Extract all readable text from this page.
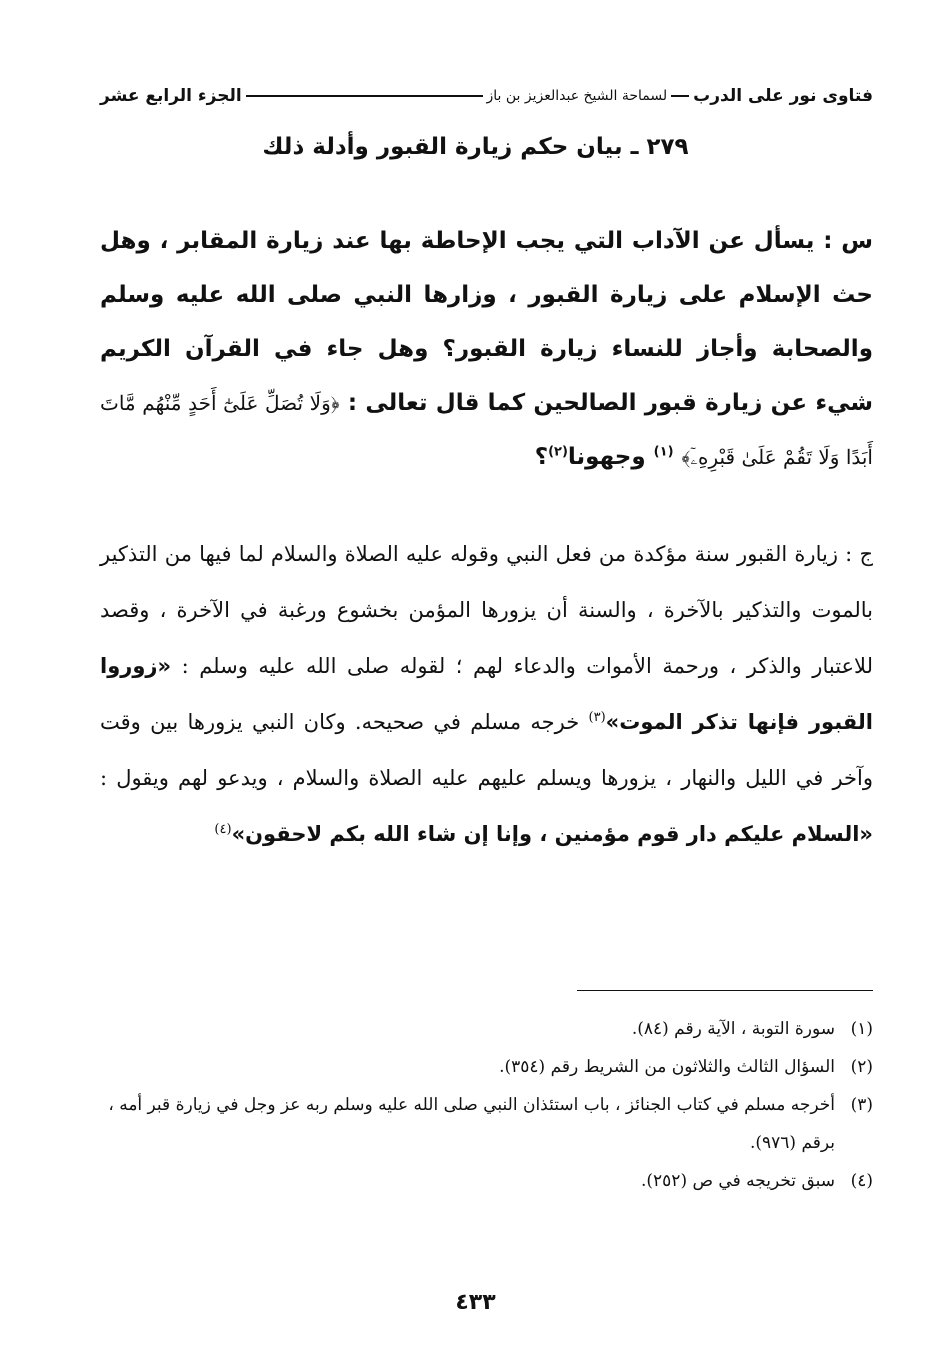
فتاوى نور على الدرب
لسماحة الشيخ عبدالعزيز بن باز
الجزء الرابع عشر
٢٧٩ ـ بيان حكم زيارة القبور وأدلة ذلك
س : يسأل عن الآداب التي يجب الإحاطة بها عند زيارة المقابر ، وهل حث الإسلام على زيارة القبور ، وزارها النبي صلى الله عليه وسلم والصحابة وأجاز للنساء زيارة القبور؟ وهل جاء في القرآن الكريم شيء عن زيارة قبور الصالحين كما قال تعالى : ﴿وَلَا تُصَلِّ عَلَىٰٓ أَحَدٍ مِّنْهُم مَّاتَ أَبَدًا وَلَا تَقُمْ عَلَىٰ قَبْرِهِۦٓ﴾ $^{(١)}$ وجهونا$^{(٢)}$؟
ج : زيارة القبور سنة مؤكدة من فعل النبي وقوله عليه الصلاة والسلام لما فيها من التذكير بالموت والتذكير بالآخرة ، والسنة أن يزورها المؤمن بخشوع ورغبة في الآخرة ، وقصد للاعتبار والذكر ، ورحمة الأموات والدعاء لهم ؛ لقوله صلى الله عليه وسلم : «زوروا القبور فإنها تذكر الموت»$^{(٣)}$ خرجه مسلم في صحيحه. وكان النبي يزورها بين وقت وآخر في الليل والنهار ، يزورها ويسلم عليهم عليه الصلاة والسلام ، ويدعو لهم ويقول : «السلام عليكم دار قوم مؤمنين ، وإنا إن شاء الله بكم لاحقون»$^{(٤)}$
(١)سورة التوبة ، الآية رقم (٨٤).
(٢)السؤال الثالث والثلاثون من الشريط رقم (٣٥٤).
(٣)أخرجه مسلم في كتاب الجنائز ، باب استئذان النبي صلى الله عليه وسلم ربه عز وجل في زيارة قبر أمه ، برقم (٩٧٦).
(٤)سبق تخريجه في ص (٢٥٢).
٤٣٣
